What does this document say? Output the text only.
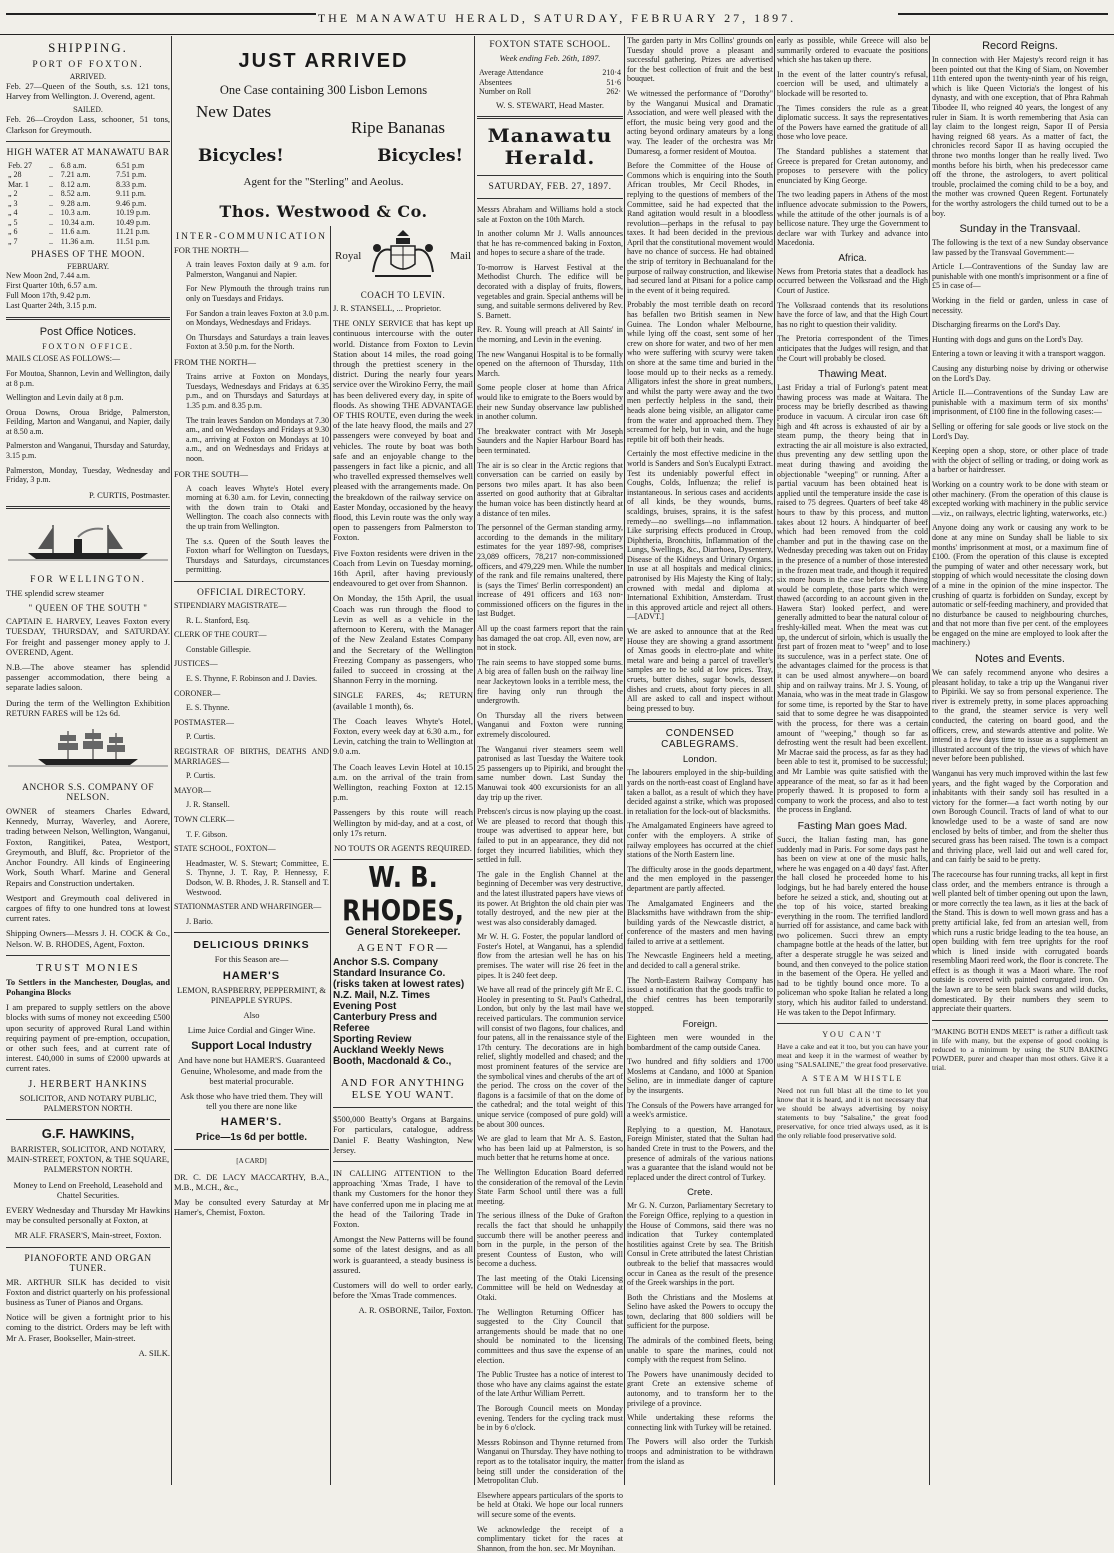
THE MANAWATU HERALD, SATURDAY, FEBRUARY 27, 1897.
SHIPPING.
PORT OF FOXTON.
ARRIVED.

Feb. 27—Queen of the South, s.s. 121 tons, Harvey from Wellington. J. Overend, agent.

SAILED.

Feb. 26—Croydon Lass, schooner, 51 tons, Clarkson for Greymouth.

HIGH WATER AT MANAWATU BAR
Feb. 27	..	6.8 a.m.	6.51 p.m
„ 28	..	7.21 a.m.	7.51 p.m.
Mar. 1	..	8.12 a.m.	8.33 p.m.
„ 2	..	8.52 a.m.	9.11 p.m.
„ 3	..	9.28 a.m.	9.46 p.m.
„ 4	..	10.3 a.m.	10.19 p.m.
„ 5	..	10.34 a.m.	10.49 p.m.
„ 6	..	11.6 a.m.	11.21 p.m.
„ 7	..	11.36 a.m.	11.51 p.m.
PHASES OF THE MOON.
FEBRUARY.
New Moon 2nd, 7.44 a.m.
First Quarter 10th, 6.57 a.m.
Full Moon 17th, 9.42 p.m.
Last Quarter 24th, 3.15 p.m.
Post Office Notices.
FOXTON OFFICE.

MAILS CLOSE AS FOLLOWS:—

For Moutoa, Shannon, Levin and Wellington, daily at 8 p.m.

Wellington and Levin daily at 8 p.m.

Oroua Downs, Oroua Bridge, Palmerston, Feilding, Marton and Wanganui, and Napier, daily at 8.50 a.m.

Palmerston and Wanganui, Thursday and Saturday, 3.15 p.m.

Palmerston, Monday, Tuesday, Wednesday and Friday, 3 p.m.

P. CURTIS, Postmaster.

FOR WELLINGTON.

THE splendid screw steamer

" QUEEN OF THE SOUTH "

CAPTAIN E. HARVEY, Leaves Foxton every TUESDAY, THURSDAY, and SATURDAY. For freight and passenger money apply to J. OVEREND, Agent.

N.B.—The above steamer has splendid passenger accommodation, there being a separate ladies saloon.

During the term of the Wellington Exhibition RETURN FARES will be 12s 6d.

ANCHOR S.S. COMPANY OF NELSON.

OWNER of steamers Charles Edward, Kennedy, Murray, Waverley, and Aorere, trading between Nelson, Wellington, Wanganui, Foxton, Rangitikei, Patea, Westport, Greymouth, and Bluff, &c. Proprietor of the Anchor Foundry. All kinds of Engineering Work, South Wharf. Marine and General Repairs and Construction undertaken.

Westport and Greymouth coal delivered in cargoes of fifty to one hundred tons at lowest current rates.

Shipping Owners—Messrs J. H. COCK & Co., Nelson. W. B. RHODES, Agent, Foxton.

TRUST MONIES

To Settlers in the Manchester, Douglas, and Pohangina Blocks

I am prepared to supply settlers on the above blocks with sums of money not exceeding £500 upon security of approved Rural Land within requiring payment of pre-emption, occupation, or other such fees, and at current rate of interest. £40,000 in sums of £2000 upwards at current rates.

J. HERBERT HANKINS

SOLICITOR, AND NOTARY PUBLIC, PALMERSTON NORTH.

G.F. HAWKINS,

BARRISTER, SOLICITOR, AND NOTARY, MAIN-STREET, FOXTON, & THE SQUARE, PALMERSTON NORTH.

Money to Lend on Freehold, Leasehold and Chattel Securities.

EVERY Wednesday and Thursday Mr Hawkins may be consulted personally at Foxton, at

MR ALF. FRASER'S, Main-street, Foxton.

PIANOFORTE AND ORGAN TUNER.

MR. ARTHUR SILK has decided to visit Foxton and district quarterly on his professional business as Tuner of Pianos and Organs.

Notice will be given a fortnight prior to his coming to the district. Orders may be left with Mr A. Fraser, Bookseller, Main-street.

A. SILK.

JUST ARRIVED
One Case containing 300 Lisbon Lemons
New Dates
Ripe Bananas
Bicycles!	Bicycles!
Agent for the "Sterling" and Aeolus.
Thos. Westwood & Co.
INTER-COMMUNICATION

FOR THE NORTH—

A train leaves Foxton daily at 9 a.m. for Palmerston, Wanganui and Napier.

For New Plymouth the through trains run only on Tuesdays and Fridays.

For Sandon a train leaves Foxton at 3.0 p.m. on Mondays, Wednesdays and Fridays.

On Thursdays and Saturdays a train leaves Foxton at 3.50 p.m. for the North.

FROM THE NORTH—

Trains arrive at Foxton on Mondays, Tuesdays, Wednesdays and Fridays at 6.35 p.m., and on Thursdays and Saturdays at 1.35 p.m. and 8.35 p.m.

The train leaves Sandon on Mondays at 7.30 am., and on Wednesdays and Fridays at 9.30 a.m., arriving at Foxton on Mondays at 10 a.m., and on Wednesdays and Fridays at noon.

FOR THE SOUTH—

A coach leaves Whyte's Hotel every morning at 6.30 a.m. for Levin, connecting with the down train to Otaki and Wellington. The coach also connects with the up train from Wellington.

The s.s. Queen of the South leaves the Foxton wharf for Wellington on Tuesdays, Thursdays and Saturdays, circumstances permitting.

OFFICIAL DIRECTORY.

STIPENDIARY MAGISTRATE—

R. L. Stanford, Esq.

CLERK OF THE COURT—

Constable Gillespie.

JUSTICES—

E. S. Thynne, F. Robinson and J. Davies.

CORONER—

E. S. Thynne.

POSTMASTER—

P. Curtis.

REGISTRAR OF BIRTHS, DEATHS AND MARRIAGES—

P. Curtis.

MAYOR—

J. R. Stansell.

TOWN CLERK—

T. F. Gibson.

STATE SCHOOL, FOXTON—

Headmaster, W. S. Stewart; Committee, E. S. Thynne, J. T. Ray, P. Hennessy, F. Dodson, W. B. Rhodes, J. R. Stansell and T. Westwood.

STATIONMASTER AND WHARFINGER—

J. Bario.

DELICIOUS DRINKS

For this Season are—

HAMER'S

LEMON, RASPBERRY, PEPPERMINT, & PINEAPPLE SYRUPS.

Also

Lime Juice Cordial and Ginger Wine.

Support Local Industry

And have none but HAMER'S. Guaranteed Genuine, Wholesome, and made from the best material procurable.

Ask those who have tried them. They will tell you there are none like

HAMER'S.
Price—1s 6d per bottle.

[A CARD]

DR. C. DE LACY MACCARTHY, B.A., M.B., M.CH., &c.,

May be consulted every Saturday at Mr Hamer's, Chemist, Foxton.

Royal	Mail
COACH TO LEVIN.

J. R. STANSELL, ... Proprietor.

THE ONLY SERVICE that has kept up continuous intercourse with the outer world. Distance from Foxton to Levin Station about 14 miles, the road going through the prettiest scenery in the district. During the nearly four years service over the Wirokino Ferry, the mail has been delivered every day, in spite of floods. As showing THE ADVANTAGE OF THIS ROUTE, even during the week of the late heavy flood, the mails and 27 passengers were conveyed by boat and vehicles. The route by boat was both safe and an enjoyable change to the passengers in fact like a picnic, and all who travelled expressed themselves well pleased with the arrangements made. On the breakdown of the railway service on Easter Monday, occasioned by the heavy flood, this Levin route was the only way open to passengers from Palmerston to Foxton.

Five Foxton residents were driven in the Coach from Levin on Tuesday morning, 16th April, after having previously endeavoured to get over from Shannon.

On Monday, the 15th April, the usual Coach was run through the flood to Levin as well as a vehicle in the afternoon to Kereru, with the Manager of the New Zealand Estates Company and the Secretary of the Wellington Freezing Company as passengers, who failed to succeed in crossing at the Shannon Ferry in the morning.

SINGLE FARES, 4s; RETURN (available 1 month), 6s.

The Coach leaves Whyte's Hotel, Foxton, every week day at 6.30 a.m., for Levin, catching the train to Wellington at 9.0 a.m.

The Coach leaves Levin Hotel at 10.15 a.m. on the arrival of the train from Wellington, reaching Foxton at 12.15 p.m.

Passengers by this route will reach Wellington by mid-day, and at a cost, of only 17s return.

NO TOUTS OR AGENTS REQUIRED.

W. B. RHODES,
General Storekeeper.
AGENT FOR—

Anchor S.S. Company

Standard Insurance Co. (risks taken at lowest rates)

N.Z. Mail, N.Z. Times

Evening Post

Canterbury Press and Referee

Sporting Review

Auckland Weekly News

Booth, Macdonald & Co.,

AND FOR ANYTHING ELSE YOU WANT.

$500,000 Beatty's Organs at Bargains. For particulars, catalogue, address Daniel F. Beatty Washington, New Jersey.

IN CALLING ATTENTION to the approaching 'Xmas Trade, I have to thank my Customers for the honor they have conferred upon me in placing me at the head of the Tailoring Trade in Foxton.

Amongst the New Patterns will be found some of the latest designs, and as all work is guaranteed, a steady business is assured.

Customers will do well to order early, before the 'Xmas Trade commences.

A. R. OSBORNE, Tailor, Foxton.

FOXTON STATE SCHOOL.

Week ending Feb. 26th, 1897.

Average Attendance	210·4
Absentees	51·6
Number on Roll	262·

W. S. STEWART, Head Master.

Manawatu Herald.
SATURDAY, FEB. 27, 1897.

Messrs Abraham and Williams hold a stock sale at Foxton on the 10th March.

In another column Mr J. Walls announces that he has re-commenced baking in Foxton, and hopes to secure a share of the trade.

To-morrow is Harvest Festival at the Methodist Church. The edifice will be decorated with a display of fruits, flowers, vegetables and grain. Special anthems will be sung, and suitable sermons delivered by Rev. S. Barnett.

Rev. R. Young will preach at All Saints' in the morning, and Levin in the evening.

The new Wanganui Hospital is to be formally opened on the afternoon of Thursday, 11th March.

Some people closer at home than Africa would like to emigrate to the Boers would by their new Sunday observance law published in another column.

The breakwater contract with Mr Joseph Saunders and the Napier Harbour Board has been terminated.

The air is so clear in the Arctic regions that conversation can be carried on easily by persons two miles apart. It has also been asserted on good authority that at Gibraltar the human voice has been distinctly heard at a distance of ten miles.

The personnel of the German standing army, according to the demands in the military estimates for the year 1897-98, comprises 23,089 officers, 78,217 non-commissioned officers, and 479,229 men. While the number of the rank and file remains unaltered, there is (says the Times' Berlin correspondent) an increase of 491 officers and 163 non-commissioned officers on the figures in the last Budget.

All up the coast farmers report that the rain has damaged the oat crop. All, even now, are not in stock.

The rain seems to have stopped some burns. A big area of fallen bush on the railway line near Jackeytown looks in a terrible mess, the fire having only run through the undergrowth.

On Thursday all the rivers between Wanganui and Foxton were running extremely discoloured.

The Wanganui river steamers seem well patronised as last Tuesday the Waitere took 25 passengers up to Pipiriki, and brought the same number down. Last Sunday the Manuwai took 400 excursionists for an all day trip up the river.

Prebscen's circus is now playing up the coast. We are pleased to record that though this troupe was advertised to appear here, but failed to put in an appearance, they did not forget they incurred liabilities, which they settled in full.

The gale in the English Channel at the beginning of December was very destructive, and the latest illustrated papers have views of its power. At Brighton the old chain pier was totally destroyed, and the new pier at the west was also considerably damaged.

Mr W. H. G. Foster, the popular landlord of Foster's Hotel, at Wanganui, has a splendid flow from the artesian well he has on his premises. The water will rise 26 feet in the pipes. It is 240 feet deep.

We have all read of the princely gift Mr E. C. Hooley in presenting to St. Paul's Cathedral, London, but only by the last mail have we received particulars. The communion service will consist of two flagons, four chalices, and four patens, all in the renaissance style of the 17th century. The decorations are in high relief, slightly modelled and chased; and the most prominent features of the service are the symbolical vines and cherubs of the art of the period. The cross on the cover of the flagons is a facsimile of that on the dome of the cathedral; and the total weight of this unique service (composed of pure gold) will be about 300 ounces.

We are glad to learn that Mr A. S. Easton, who has been laid up at Palmerston, is so much better that he returns home at once.

The Wellington Education Board deferred the consideration of the removal of the Levin State Farm School until there was a full meeting.

The serious illness of the Duke of Grafton recalls the fact that should he unhappily succumb there will be another peeress and born in the purple, in the person of the present Countess of Euston, who will become a duchess.

The last meeting of the Otaki Licensing Committee will be held on Wednesday at Otaki.

The Wellington Returning Officer has suggested to the City Council that arrangements should be made that no one should be nominated to the licensing committees and thus save the expense of an election.

The Public Trustee has a notice of interest to those who have any claims against the estate of the late Arthur William Perrett.

The Borough Council meets on Monday evening. Tenders for the cycling track must be in by 6 o'clock.

Messrs Robinson and Thynne returned from Wanganui on Thursday. They have nothing to report as to the totalisator inquiry, the matter being still under the consideration of the Metropolitan Club.

Elsewhere appears particulars of the sports to be held at Otaki. We hope our local runners will secure some of the events.

We acknowledge the receipt of a complimentary ticket for the races at Shannon, from the hon. sec. Mr Moynihan.

The garden party in Mrs Collins' grounds on Tuesday should prove a pleasant and successful gathering. Prizes are advertised for the best collection of fruit and the best bouquet.

We witnessed the performance of "Dorothy" by the Wanganui Musical and Dramatic Association, and were well pleased with the effort, the music being very good and the acting beyond ordinary amateurs by a long way. The leader of the orchestra was Mr Dumaresq, a former resident of Moutoa.

Before the Committee of the House of Commons which is enquiring into the South African troubles, Mr Cecil Rhodes, in replying to the questions of members of the Committee, said he had expected that the Rand agitation would result in a bloodless revolution—perhaps in the refusal to pay taxes. It had been decided in the previous April that the constitutional movement would have no chance of success. He had obtained the strip of territory in Bechuanaland for the purpose of railway construction, and likewise had secured land at Pitsani for a police camp in the event of it being required.

Probably the most terrible death on record has befallen two British seamen in New Guinea. The London whaler Melbourne, while lying off the coast, sent some of her crew on shore for water, and two of her men who were suffering with scurvy were taken on shore at the same time and buried in the loose mould up to their necks as a remedy. Alligators infest the shore in great numbers, and whilst the party were away and the two men perfectly helpless in the sand, their heads alone being visible, an alligator came from the water and approached them. They screamed for help, but in vain, and the huge reptile bit off both their heads.

Certainly the most effective medicine in the world is Sanders and Son's Eucalypti Extract. Test its undeniably powerful effect in Coughs, Colds, Influenza; the relief is instantaneous. In serious cases and accidents of all kinds, be they wounds, burns, scaldings, bruises, sprains, it is the safest remedy—no swellings—no inflammation. Like surprising effects produced in Croup, Diphtheria, Bronchitis, Inflammation of the Lungs, Swellings, &c., Diarrhoea, Dysentery, Disease of the Kidneys and Urinary Organs. In use at all hospitals and medical clinics; patronised by His Majesty the King of Italy; crowned with medal and diploma at International Exhibition, Amsterdam. Trust in this approved article and reject all others.—[ADVT.]

We are asked to announce that at the Red House they are showing a grand assortment of Xmas goods in electro-plate and white metal ware and being a parcel of traveller's samples are to be sold at low prices. Tray, cruets, butter dishes, sugar bowls, dessert dishes and cruets, about forty pieces in all. All are asked to call and inspect without being pressed to buy.

CONDENSED CABLEGRAMS.
London.

The labourers employed in the ship-building yards on the north-east coast of England have taken a ballot, as a result of which they have decided against a strike, which was proposed in retaliation for the lock-out of blacksmiths.

The Amalgamated Engineers have agreed to confer with the employers. A strike of railway employees has occurred at the chief stations of the North Eastern line.

The difficulty arose in the goods department, and the men employed in the passenger department are partly affected.

The Amalgamated Engineers and the Blacksmiths have withdrawn from the ship-building yards of the Newcastle district, a conference of the masters and men having failed to arrive at a settlement.

The Newcastle Engineers held a meeting, and decided to call a general strike.

The North-Eastern Railway Company has issued a notification that the goods traffic to the chief centres has been temporarily stopped.

Foreign.

Eighteen men were wounded in the bombardment of the camp outside Canea.

Two hundred and fifty soldiers and 1700 Moslems at Candano, and 1000 at Spanion Selino, are in immediate danger of capture by the insurgents.

The Consuls of the Powers have arranged for a week's armistice.

Replying to a question, M. Hanotaux, Foreign Minister, stated that the Sultan had handed Crete in trust to the Powers, and the presence of admirals of the various nations was a guarantee that the island would not be replaced under the direct control of Turkey.

Crete.

Mr G. N. Curzon, Parliamentary Secretary to the Foreign Office, replying to a question in the House of Commons, said there was no indication that Turkey contemplated hostilities against Crete by sea. The British Consul in Crete attributed the latest Christian outbreak to the belief that massacres would occur in Canea as the result of the presence of the Greek warships in the port.

Both the Christians and the Moslems at Selino have asked the Powers to occupy the town, declaring that 800 soldiers will be sufficient for the purpose.

The admirals of the combined fleets, being unable to spare the marines, could not comply with the request from Selino.

The Powers have unanimously decided to grant Crete an extensive scheme of autonomy, and to transform her to the privilege of a province.

While undertaking these reforms the connecting link with Turkey will be retained.

The Powers will also order the Turkish troops and administration to be withdrawn from the island as

early as possible, while Greece will also be summarily ordered to evacuate the positions which she has taken up there.

In the event of the latter country's refusal, coercion will be used, and ultimately a blockade will be resorted to.

The Times considers the rule as a great diplomatic success. It says the representatives of the Powers have earned the gratitude of all those who love peace.

The Standard publishes a statement that Greece is prepared for Cretan autonomy, and proposes to persevere with the policy enunciated by King George.

The two leading papers in Athens of the most influence advocate submission to the Powers, while the attitude of the other journals is of a bellicose nature. They urge the Government to declare war with Turkey and advance into Macedonia.

Africa.

News from Pretoria states that a deadlock has occurred between the Volksraad and the High Court of Justice.

The Volksraad contends that its resolutions have the force of law, and that the High Court has no right to question their validity.

The Pretoria correspondent of the Times anticipates that the Judges will resign, and that the Court will probably be closed.

Thawing Meat.

Last Friday a trial of Furlong's patent meat thawing process was made at Waitara. The process may be briefly described as thawing produce in vacuum. A circular iron case 6ft high and 4ft across is exhausted of air by a steam pump, the theory being that in extracting the air all moisture is also extracted, thus preventing any dew settling upon the meat during thawing and avoiding the objectionable "weeping" or running. After a partial vacuum has been obtained heat is applied until the temperature inside the case is raised to 75 degrees. Quarters of beef take 48 hours to thaw by this process, and mutton takes about 12 hours. A hindquarter of beef which had been removed from the cold chamber and put in the thawing case on the Wednesday preceding was taken out on Friday in the presence of a number of those interested in the frozen meat trade, and though it required six more hours in the case before the thawing would be complete, those parts which were thawed (according to an account given in the Hawera Star) looked perfect, and were generally admitted to bear the natural colour of freshly-killed meat. When the meat was cut up, the undercut of sirloin, which is usually the first part of frozen meat to "weep" and to lose its succulence, was in a perfect state. One of the advantages claimed for the process is that it can be used almost anywhere—on board ship and on railway trains. Mr J. S. Young, of Manaia, who was in the meat trade in Glasgow for some time, is reported by the Star to have said that to some degree he was disappointed with the process, for there was a certain amount of "weeping," though so far as defrosting went the result had been excellent. Mr Macrae said the process, as far as they had been able to test it, promised to be successful; and Mr Lambie was quite satisfied with the appearance of the meat, so far as it had been properly thawed. It is proposed to form a company to work the process, and also to test the process in England.

Fasting Man goes Mad.

Succi, the Italian fasting man, has gone suddenly mad in Paris. For some days past he has been on view at one of the music halls, where he was engaged on a 40 days' fast. After the hall closed he proceeded home to his lodgings, but he had barely entered the house before he seized a stick, and, shouting out at the top of his voice, started breaking everything in the room. The terrified landlord hurried off for assistance, and came back with two policemen. Succi threw an empty champagne bottle at the heads of the latter, but after a desperate struggle he was seized and bound, and then conveyed to the police station in the basement of the Opera. He yelled and had to be tightly bound once more. To a policeman who spoke Italian he related a long story, which his auditor failed to understand. He was taken to the Depot Infirmary.

YOU CAN'T

Have a cake and eat it too, but you can have your meat and keep it in the warmest of weather by using "SALSALINE," the great food preservative.

A STEAM WHISTLE

Need not run full blast all the time to let you know that it is heard, and it is not necessary that we should be always advertising by noisy statements to buy "Salsaline," the great food preservative, for once tried always used, as it is the only reliable food preservative sold.

Record Reigns.

In connection with Her Majesty's record reign it has been pointed out that the King of Siam, on November 11th entered upon the twenty-ninth year of his reign, which is like Queen Victoria's the longest of his dynasty, and with one exception, that of Phra Rahmah Tibodee II, who reigned 40 years, the longest of any ruler in Siam. It is worth remembering that Asia can lay claim to the longest reign, Sapor II of Persia having reigned 68 years. As a matter of fact, the chronicles record Sapor II as having occupied the throne two months longer than he really lived. Two months before his birth, when his predecessor came off the throne, the astrologers, to avert political trouble, proclaimed the coming child to be a boy, and the mother was crowned Queen Regent. Fortunately for the worthy astrologers the child turned out to be a boy.

Sunday in the Transvaal.

The following is the text of a new Sunday observance law passed by the Transvaal Government:—

Article I.—Contraventions of the Sunday law are punishable with one month's imprisonment or a fine of £5 in case of—

Working in the field or garden, unless in case of necessity.

Discharging firearms on the Lord's Day.

Hunting with dogs and guns on the Lord's Day.

Entering a town or leaving it with a transport waggon.

Causing any disturbing noise by driving or otherwise on the Lord's Day.

Article II.—Contraventions of the Sunday Law are punishable with a maximum term of six months' imprisonment, of £100 fine in the following cases:—

Selling or offering for sale goods or live stock on the Lord's Day.

Keeping open a shop, store, or other place of trade with the object of selling or trading, or doing work as a barber or hairdresser.

Working on a country work to be done with steam or other machinery. (From the operation of this clause is excepted working with machinery in the public service—viz., on railways, electric lighting, waterworks, etc.)

Anyone doing any work or causing any work to be done at any mine on Sunday shall be liable to six months' imprisonment at most, or a maximum fine of £100. (From the operation of this clause is excepted the pumping of water and other necessary work, but stopping of which would necessitate the closing down of a mine in the opinion of the mine inspector. The crushing of quartz is forbidden on Sunday, except by automatic or self-feeding machinery, and provided that no disturbance be caused to neighbouring churches, and that not more than five per cent. of the employees be engaged on the mine are employed to look after the machinery.)

Notes and Events.

We can safely recommend anyone who desires a pleasant holiday, to take a trip up the Wanganui river to Pipiriki. We say so from personal experience. The river is extremely pretty, in some places approaching to the grand, the steamer service is very well conducted, the catering on board good, and the officers, crew, and stewards attentive and polite. We intend in a few days time to issue as a supplement an illustrated account of the trip, the views of which have never before been published.

Wanganui has very much improved within the last few years, and the fight waged by the Corporation and inhabitants with their sandy soil has resulted in a victory for the former—a fact worth noting by our own Borough Council. Tracts of land of what to our knowledge used to be a waste of sand are now enclosed by belts of timber, and from the shelter thus secured grass has been raised. The town is a compact and thriving place, well laid out and well cared for, and can fairly be said to be pretty.

The racecourse has four running tracks, all kept in first class order, and the members entrance is through a well planted belt of timber opening out upon the lawn, or more correctly the tea lawn, as it lies at the back of the Stand. This is down to well mown grass and has a pretty artificial lake, fed from an artesian well, from which runs a rustic bridge leading to the tea house, an open building with fern tree uprights for the roof which is lined inside with corrugated boards resembling Maori reed work, the floor is concrete. The effect is as though it was a Maori whare. The roof outside is covered with painted corrugated iron. On the lawn are to be seen black swans and wild ducks, domesticated. By their numbers they seem to appreciate their quarters.

"MAKING BOTH ENDS MEET" is rather a difficult task in life with many, but the expense of good cooking is reduced to a minimum by using the SUN BAKING POWDER, purer and cheaper than most others. Give it a trial.
